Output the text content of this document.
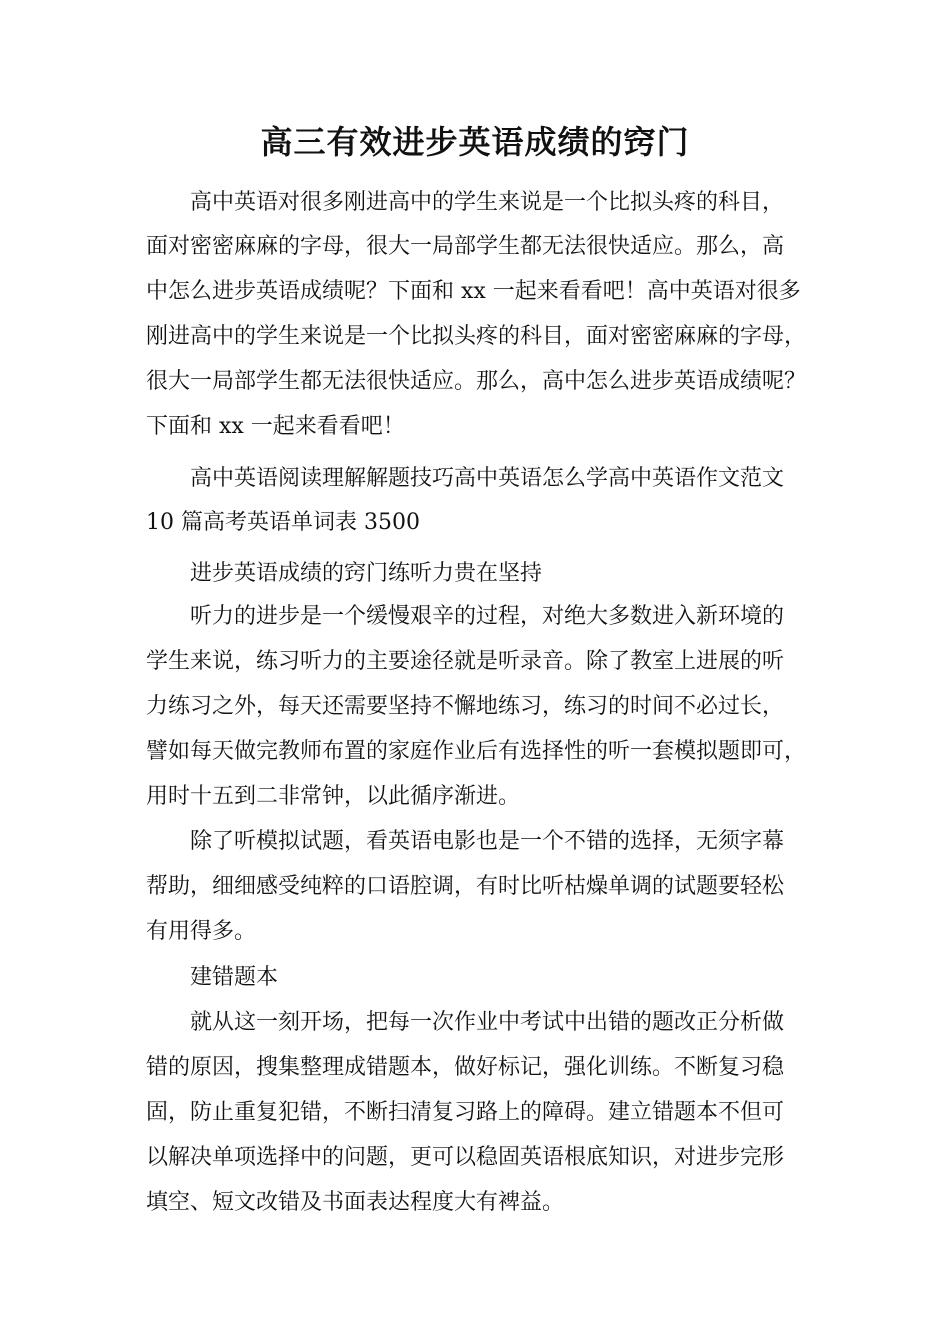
高三有效进步英语成绩的窍门
高中英语对很多刚进高中的学生来说是一个比拟头疼的科目，
面对密密麻麻的字母，很大一局部学生都无法很快适应。那么，高
中怎么进步英语成绩呢？下面和 xx 一起来看看吧！高中英语对很多
刚进高中的学生来说是一个比拟头疼的科目，面对密密麻麻的字母，
很大一局部学生都无法很快适应。那么，高中怎么进步英语成绩呢？
下面和 xx 一起来看看吧！
高中英语阅读理解解题技巧高中英语怎么学高中英语作文范文
10 篇高考英语单词表 3500
进步英语成绩的窍门练听力贵在坚持
听力的进步是一个缓慢艰辛的过程，对绝大多数进入新环境的
学生来说，练习听力的主要途径就是听录音。除了教室上进展的听
力练习之外，每天还需要坚持不懈地练习，练习的时间不必过长，
譬如每天做完教师布置的家庭作业后有选择性的听一套模拟题即可，
用时十五到二非常钟，以此循序渐进。
除了听模拟试题，看英语电影也是一个不错的选择，无须字幕
帮助，细细感受纯粹的口语腔调，有时比听枯燥单调的试题要轻松
有用得多。
建错题本
就从这一刻开场，把每一次作业中考试中出错的题改正分析做
错的原因，搜集整理成错题本，做好标记，强化训练。不断复习稳
固，防止重复犯错，不断扫清复习路上的障碍。建立错题本不但可
以解决单项选择中的问题，更可以稳固英语根底知识，对进步完形
填空、短文改错及书面表达程度大有裨益。
